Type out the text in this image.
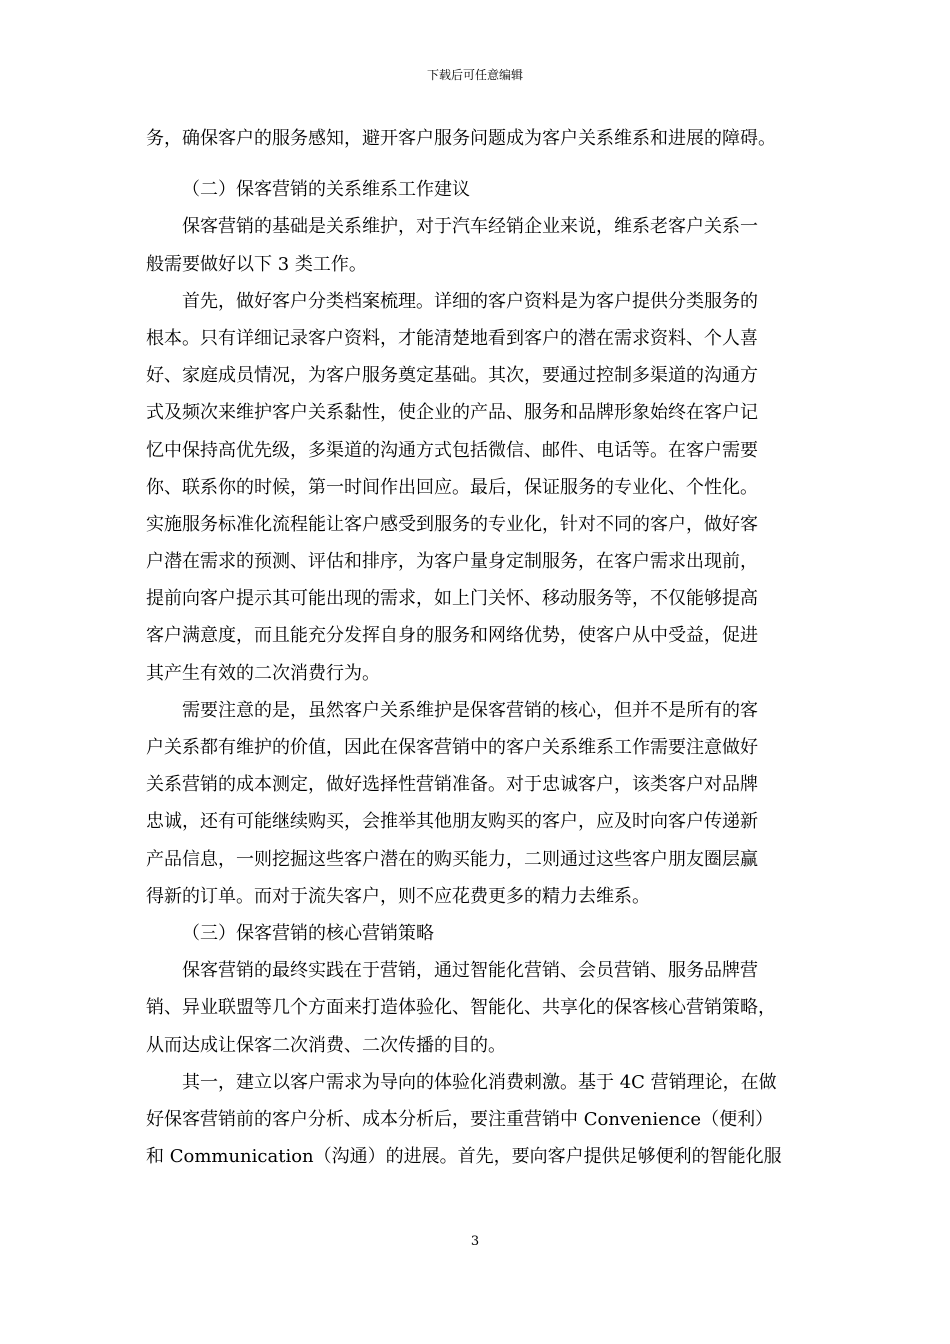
下载后可任意编辑
务，确保客户的服务感知，避开客户服务问题成为客户关系维系和进展的障碍。
（二）保客营销的关系维系工作建议
保客营销的基础是关系维护，对于汽车经销企业来说，维系老客户关系一
般需要做好以下 3 类工作。
首先，做好客户分类档案梳理。详细的客户资料是为客户提供分类服务的
根本。只有详细记录客户资料，才能清楚地看到客户的潜在需求资料、个人喜
好、家庭成员情况，为客户服务奠定基础。其次，要通过控制多渠道的沟通方
式及频次来维护客户关系黏性，使企业的产品、服务和品牌形象始终在客户记
忆中保持高优先级，多渠道的沟通方式包括微信、邮件、电话等。在客户需要
你、联系你的时候，第一时间作出回应。最后，保证服务的专业化、个性化。
实施服务标准化流程能让客户感受到服务的专业化，针对不同的客户，做好客
户潜在需求的预测、评估和排序，为客户量身定制服务，在客户需求出现前，
提前向客户提示其可能出现的需求，如上门关怀、移动服务等，不仅能够提高
客户满意度，而且能充分发挥自身的服务和网络优势，使客户从中受益，促进
其产生有效的二次消费行为。
需要注意的是，虽然客户关系维护是保客营销的核心，但并不是所有的客
户关系都有维护的价值，因此在保客营销中的客户关系维系工作需要注意做好
关系营销的成本测定，做好选择性营销准备。对于忠诚客户，该类客户对品牌
忠诚，还有可能继续购买，会推举其他朋友购买的客户，应及时向客户传递新
产品信息，一则挖掘这些客户潜在的购买能力，二则通过这些客户朋友圈层赢
得新的订单。而对于流失客户，则不应花费更多的精力去维系。
（三）保客营销的核心营销策略
保客营销的最终实践在于营销，通过智能化营销、会员营销、服务品牌营
销、异业联盟等几个方面来打造体验化、智能化、共享化的保客核心营销策略，
从而达成让保客二次消费、二次传播的目的。
其一，建立以客户需求为导向的体验化消费刺激。基于 4C 营销理论，在做
好保客营销前的客户分析、成本分析后，要注重营销中 Convenience（便利）
和 Communication（沟通）的进展。首先，要向客户提供足够便利的智能化服
3
